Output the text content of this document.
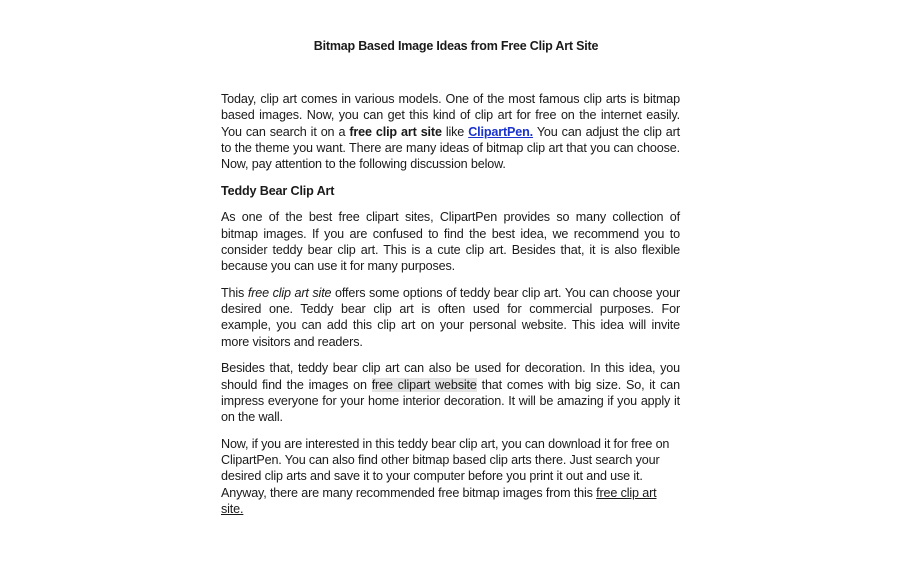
Bitmap Based Image Ideas from Free Clip Art Site

Today, clip art comes in various models. One of the most famous clip arts is bitmap based images. Now, you can get this kind of clip art for free on the internet easily. You can search it on a free clip art site like ClipartPen. You can adjust the clip art to the theme you want. There are many ideas of bitmap clip art that you can choose. Now, pay attention to the following discussion below.

Teddy Bear Clip Art

As one of the best free clipart sites, ClipartPen provides so many collection of bitmap images. If you are confused to find the best idea, we recommend you to consider teddy bear clip art. This is a cute clip art. Besides that, it is also flexible because you can use it for many purposes.

This free clip art site offers some options of teddy bear clip art. You can choose your desired one. Teddy bear clip art is often used for commercial purposes. For example, you can add this clip art on your personal website. This idea will invite more visitors and readers.

Besides that, teddy bear clip art can also be used for decoration. In this idea, you should find the images on free clipart website that comes with big size. So, it can impress everyone for your home interior decoration. It will be amazing if you apply it on the wall.

Now, if you are interested in this teddy bear clip art, you can download it for free on ClipartPen. You can also find other bitmap based clip arts there. Just search your desired clip arts and save it to your computer before you print it out and use it. Anyway, there are many recommended free bitmap images from this free clip art site.
